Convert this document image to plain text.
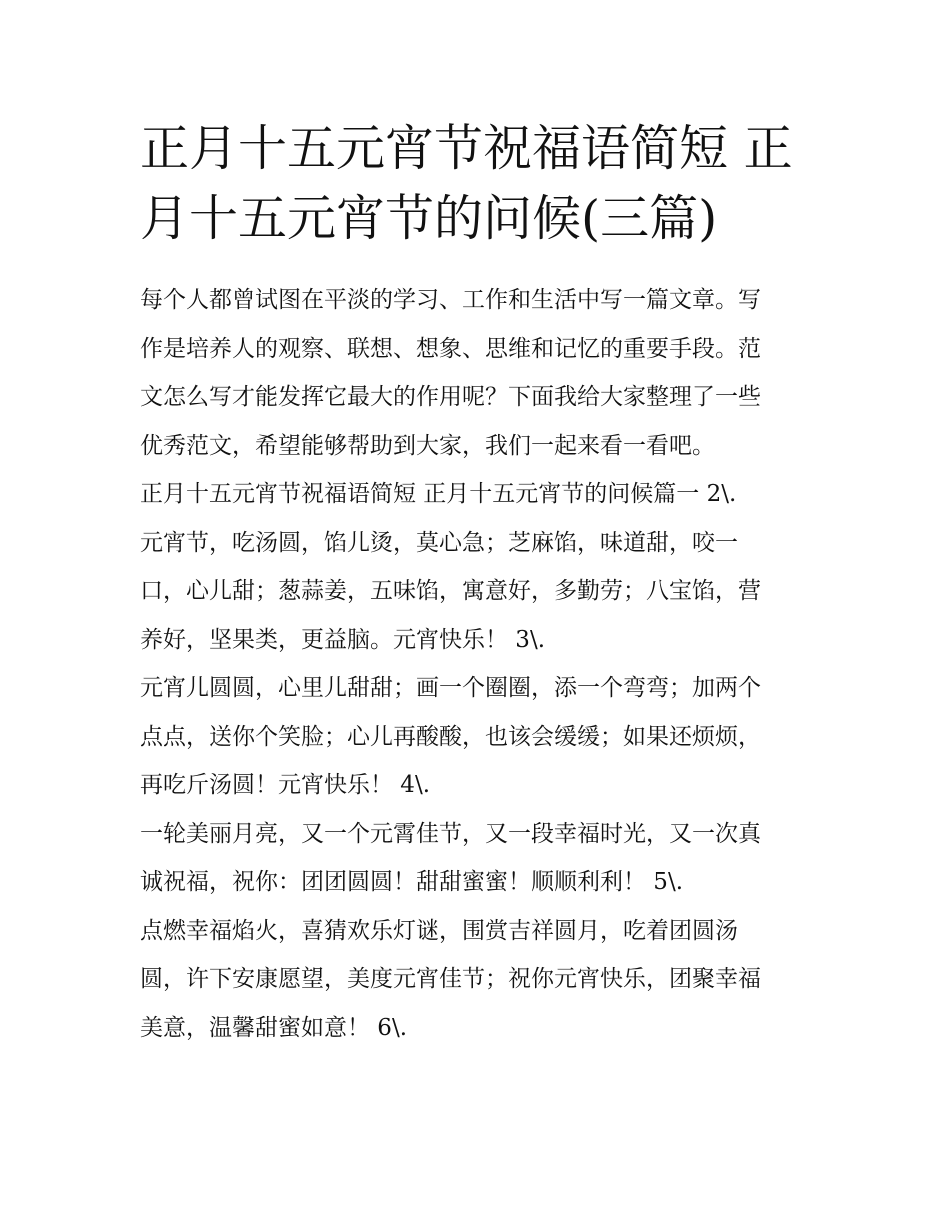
正月十五元宵节祝福语简短 正
月十五元宵节的问候(三篇)

每个人都曾试图在平淡的学习、工作和生活中写一篇文章。写

作是培养人的观察、联想、想象、思维和记忆的重要手段。范

文怎么写才能发挥它最大的作用呢？下面我给大家整理了一些

优秀范文，希望能够帮助到大家，我们一起来看一看吧。

正月十五元宵节祝福语简短 正月十五元宵节的问候篇一 2\.

元宵节，吃汤圆，馅儿烫，莫心急；芝麻馅，味道甜，咬一

口，心儿甜；葱蒜姜，五味馅，寓意好，多勤劳；八宝馅，营

养好，坚果类，更益脑。元宵快乐！ 3\.

元宵儿圆圆，心里儿甜甜；画一个圈圈，添一个弯弯；加两个

点点，送你个笑脸；心儿再酸酸，也该会缓缓；如果还烦烦，

再吃斤汤圆！元宵快乐！ 4\.

一轮美丽月亮，又一个元霄佳节，又一段幸福时光，又一次真

诚祝福，祝你：团团圆圆！甜甜蜜蜜！顺顺利利！ 5\.

点燃幸福焰火，喜猜欢乐灯谜，围赏吉祥圆月，吃着团圆汤

圆，许下安康愿望，美度元宵佳节；祝你元宵快乐，团聚幸福

美意，温馨甜蜜如意！ 6\.
